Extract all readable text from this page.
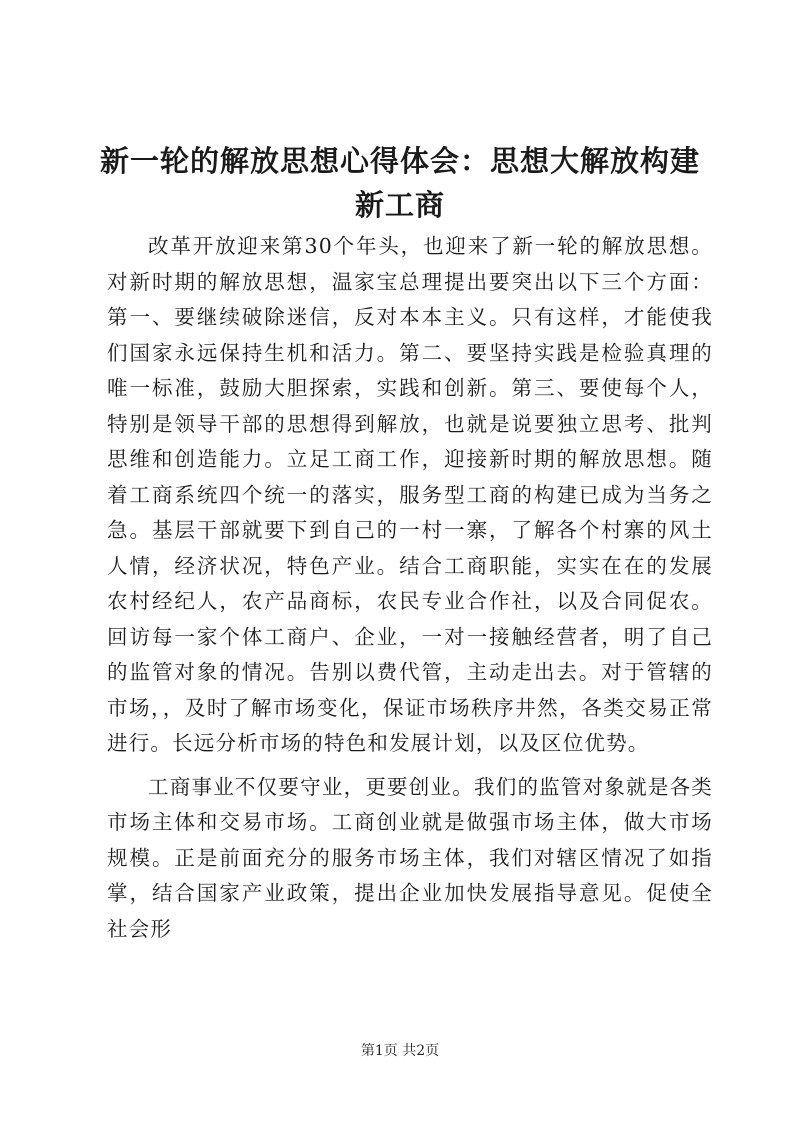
新一轮的解放思想心得体会：思想大解放构建新工商

改革开放迎来第30个年头，也迎来了新一轮的解放思想。对新时期的解放思想，温家宝总理提出要突出以下三个方面：第一、要继续破除迷信，反对本本主义。只有这样，才能使我们国家永远保持生机和活力。第二、要坚持实践是检验真理的唯一标准，鼓励大胆探索，实践和创新。第三、要使每个人，特别是领导干部的思想得到解放，也就是说要独立思考、批判思维和创造能力。立足工商工作，迎接新时期的解放思想。随着工商系统四个统一的落实，服务型工商的构建已成为当务之急。基层干部就要下到自己的一村一寨，了解各个村寨的风土人情，经济状况，特色产业。结合工商职能，实实在在的发展农村经纪人，农产品商标，农民专业合作社，以及合同促农。回访每一家个体工商户、企业，一对一接触经营者，明了自己的监管对象的情况。告别以费代管，主动走出去。对于管辖的市场，，及时了解市场变化，保证市场秩序井然，各类交易正常进行。长远分析市场的特色和发展计划，以及区位优势。

工商事业不仅要守业，更要创业。我们的监管对象就是各类市场主体和交易市场。工商创业就是做强市场主体，做大市场规模。正是前面充分的服务市场主体，我们对辖区情况了如指掌，结合国家产业政策，提出企业加快发展指导意见。促使全社会形

第1页 共2页
